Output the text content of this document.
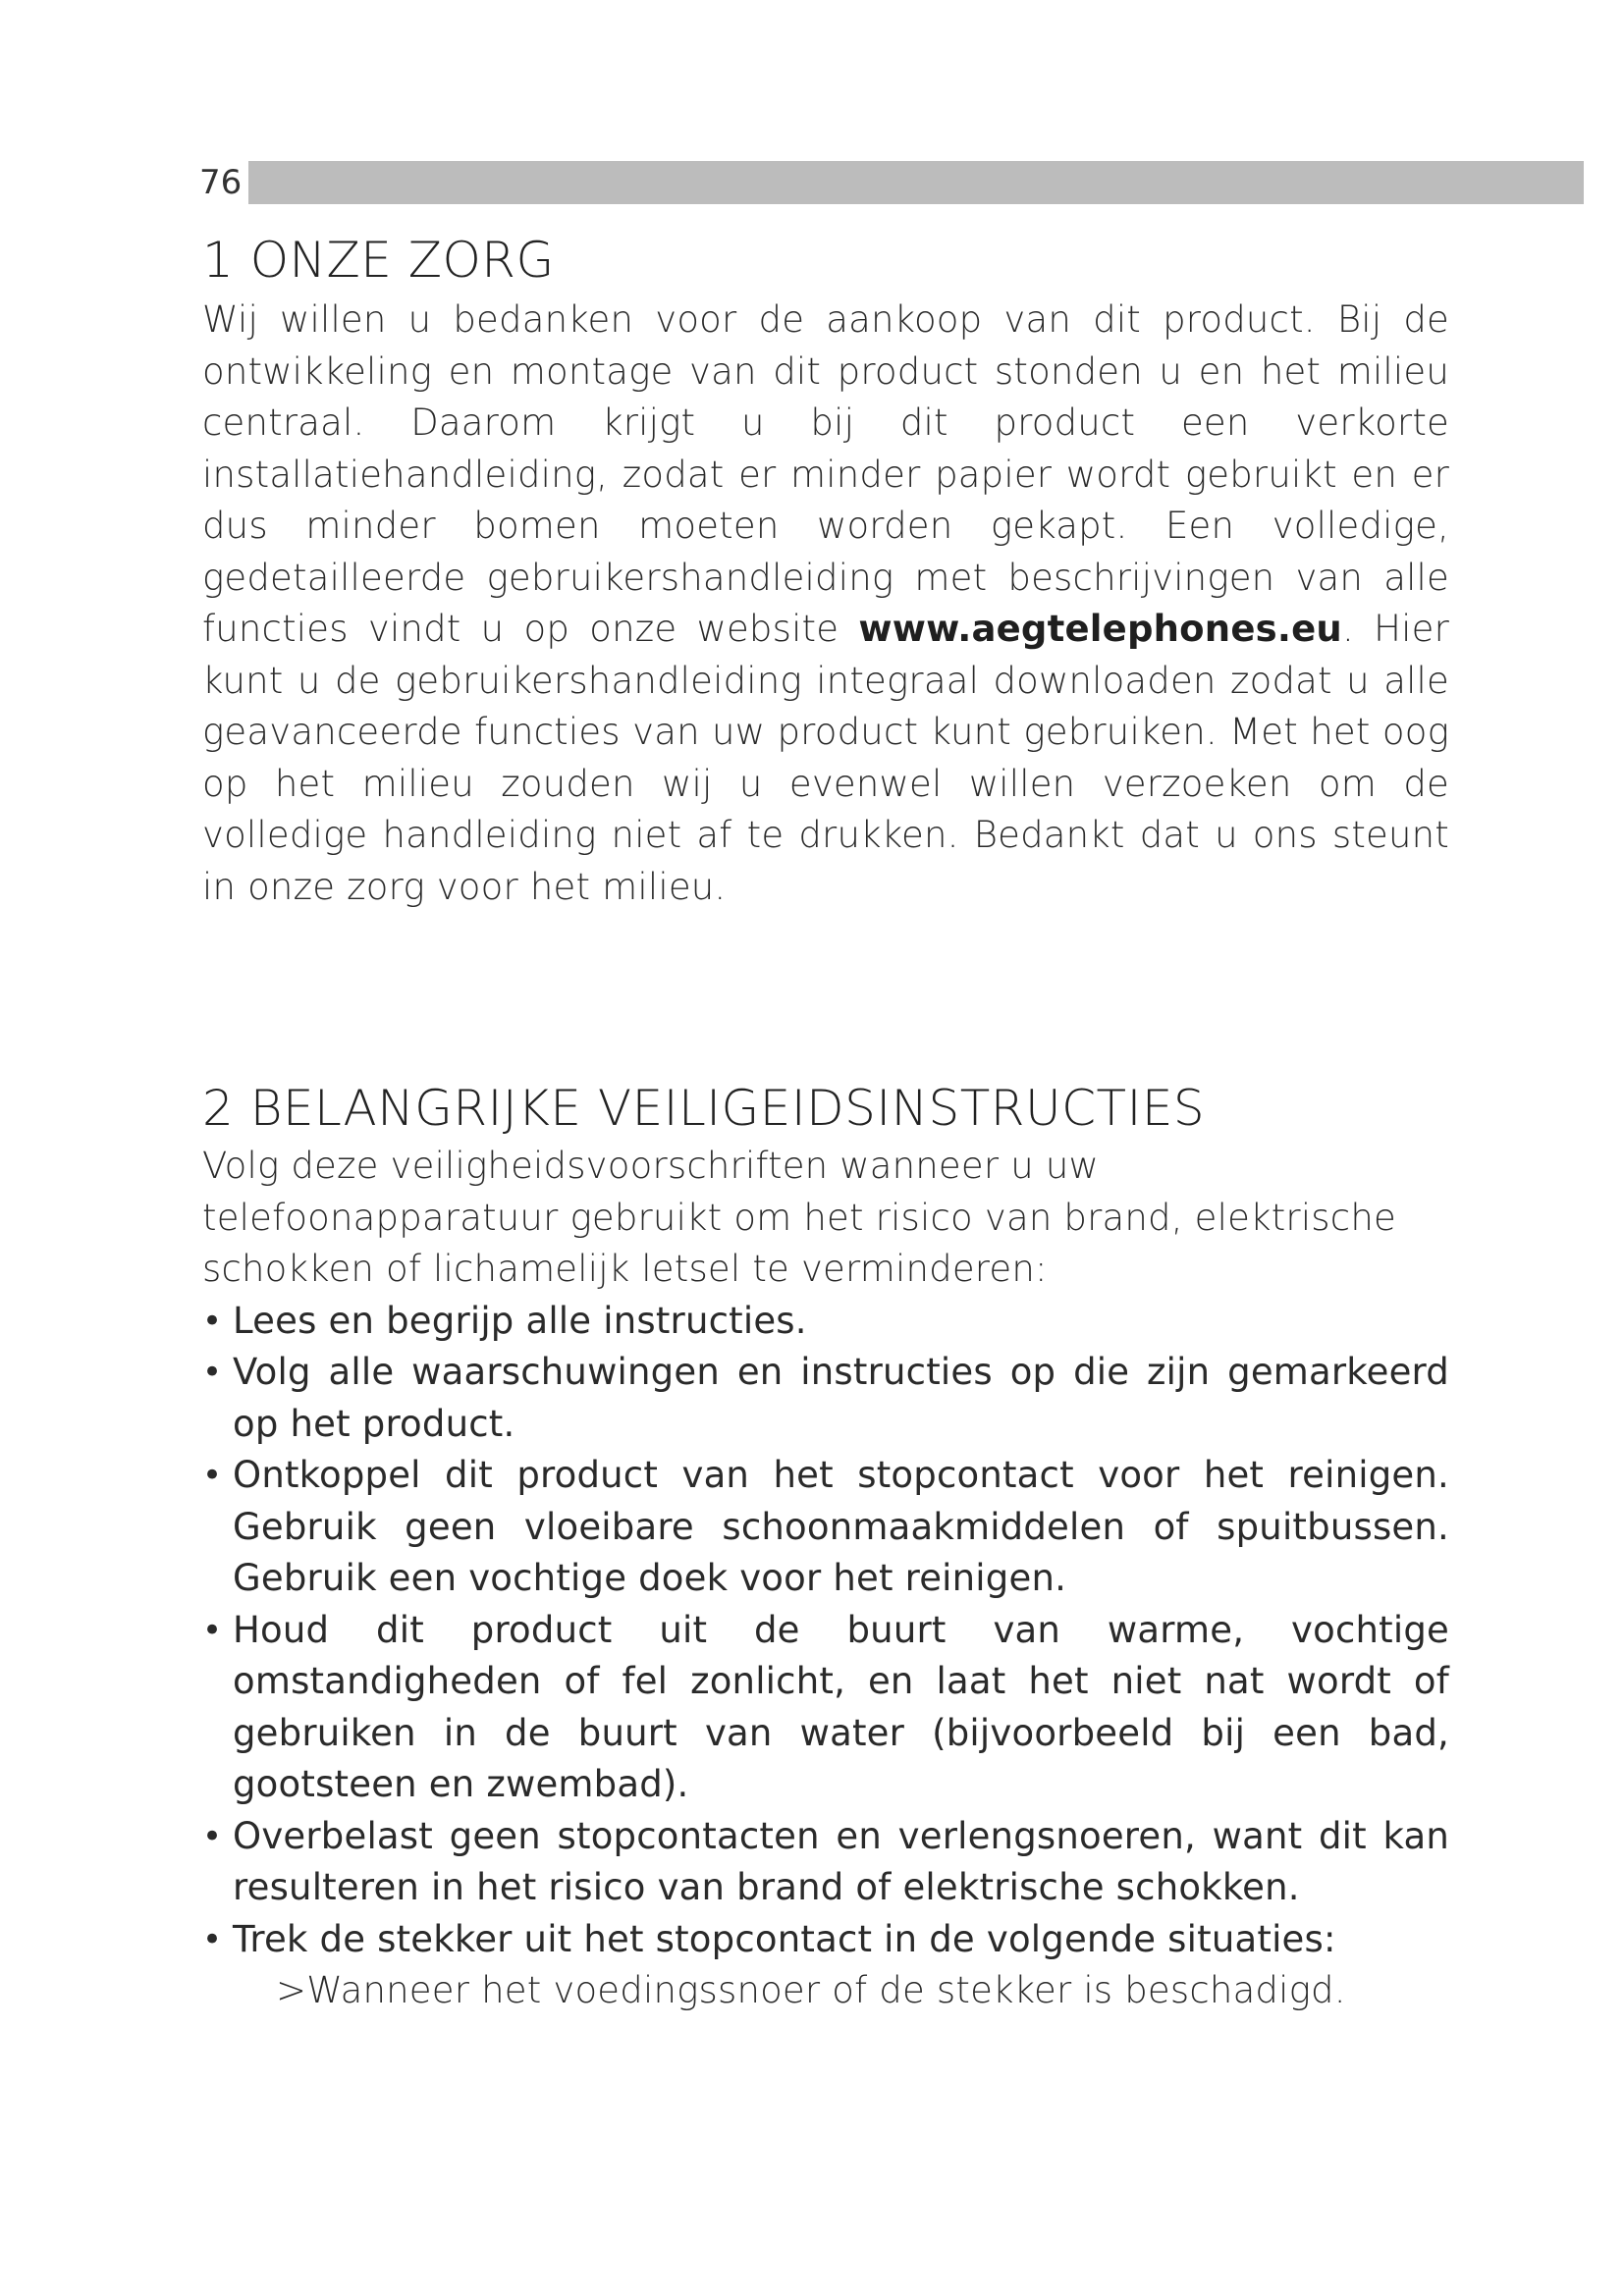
76
1 ONZE ZORG

Wij willen u bedanken voor de aankoop van dit product. Bij de ontwikkeling en montage van dit product stonden u en het milieu centraal. Daarom krijgt u bij dit product een verkorte installatiehandleiding, zodat er minder papier wordt gebruikt en er dus minder bomen moeten worden gekapt. Een volledige, gedetailleerde gebruikershandleiding met beschrijvingen van alle functies vindt u op onze website www.aegtelephones.eu. Hier kunt u de gebruikershandleiding integraal downloaden zodat u alle geavanceerde functies van uw product kunt gebruiken. Met het oog op het milieu zouden wij u evenwel willen verzoeken om de volledige handleiding niet af te drukken. Bedankt dat u ons steunt in onze zorg voor het milieu.

2 BELANGRIJKE VEILIGEIDSINSTRUCTIES

Volg deze veiligheidsvoorschriften wanneer u uw telefoonapparatuur gebruikt om het risico van brand, elektrische schokken of lichamelijk letsel te verminderen:

• Lees en begrijp alle instructies.
• Volg alle waarschuwingen en instructies op die zijn gemarkeerd op het product.
• Ontkoppel dit product van het stopcontact voor het reinigen. Gebruik geen vloeibare schoonmaakmiddelen of spuitbussen. Gebruik een vochtige doek voor het reinigen.
• Houd dit product uit de buurt van warme, vochtige omstandigheden of fel zonlicht, en laat het niet nat wordt of gebruiken in de buurt van water (bijvoorbeeld bij een bad, gootsteen en zwembad).
• Overbelast geen stopcontacten en verlengsnoeren, want dit kan resulteren in het risico van brand of elektrische schokken.
• Trek de stekker uit het stopcontact in de volgende situaties:

>Wanneer het voedingssnoer of de stekker is beschadigd.
